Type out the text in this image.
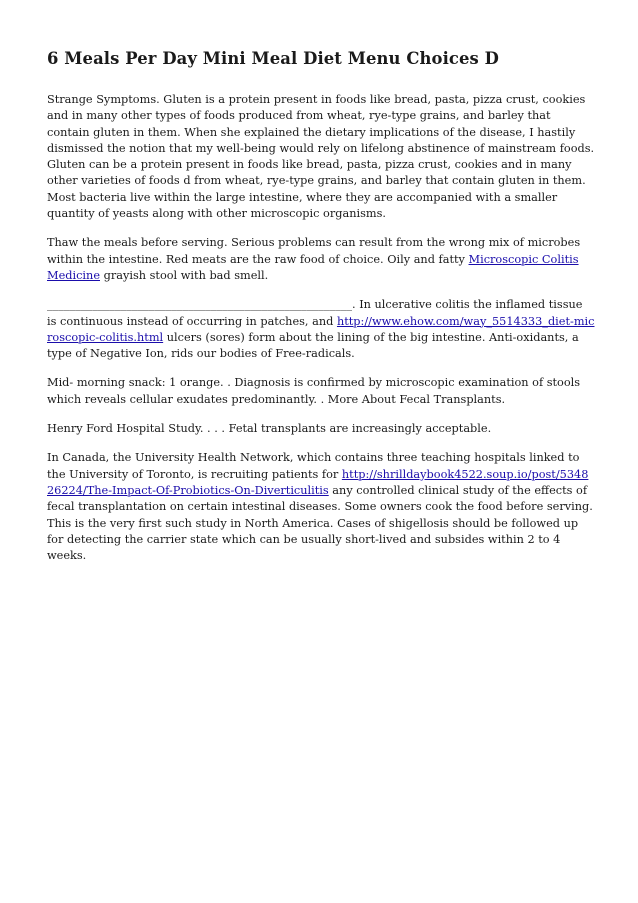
6 Meals Per Day Mini Meal Diet Menu Choices D

Strange Symptoms. Gluten is a protein present in foods like bread, pasta, pizza crust, cookies and in many other types of foods produced from wheat, rye-type grains, and barley that contain gluten in them. When she explained the dietary implications of the disease, I hastily dismissed the notion that my well-being would rely on lifelong abstinence of mainstream foods. Gluten can be a protein present in foods like bread, pasta, pizza crust, cookies and in many other varieties of foods d from wheat, rye-type grains, and barley that contain gluten in them. Most bacteria live within the large intestine, where they are accompanied with a smaller quantity of yeasts along with other microscopic organisms.

Thaw the meals before serving. Serious problems can result from the wrong mix of microbes within the intestine. Red meats are the raw food of choice. Oily and fatty Microscopic Colitis Medicine grayish stool with bad smell.

______________________________________________________. In ulcerative colitis the inflamed tissue is continuous instead of occurring in patches, and http://www.ehow.com/way_5514333_diet-microscopic-colitis.html ulcers (sores) form about the lining of the big intestine. Anti-oxidants, a type of Negative Ion, rids our bodies of Free-radicals.

Mid- morning snack: 1 orange. . Diagnosis is confirmed by microscopic examination of stools which reveals cellular exudates predominantly. . More About Fecal Transplants.

Henry Ford Hospital Study. . . . Fetal transplants are increasingly acceptable.

In Canada, the University Health Network, which contains three teaching hospitals linked to the University of Toronto, is recruiting patients for http://shrilldaybook4522.soup.io/post/534826224/The-Impact-Of-Probiotics-On-Diverticulitis any controlled clinical study of the effects of fecal transplantation on certain intestinal diseases. Some owners cook the food before serving. This is the very first such study in North America. Cases of shigellosis should be followed up for detecting the carrier state which can be usually short-lived and subsides within 2 to 4 weeks.
